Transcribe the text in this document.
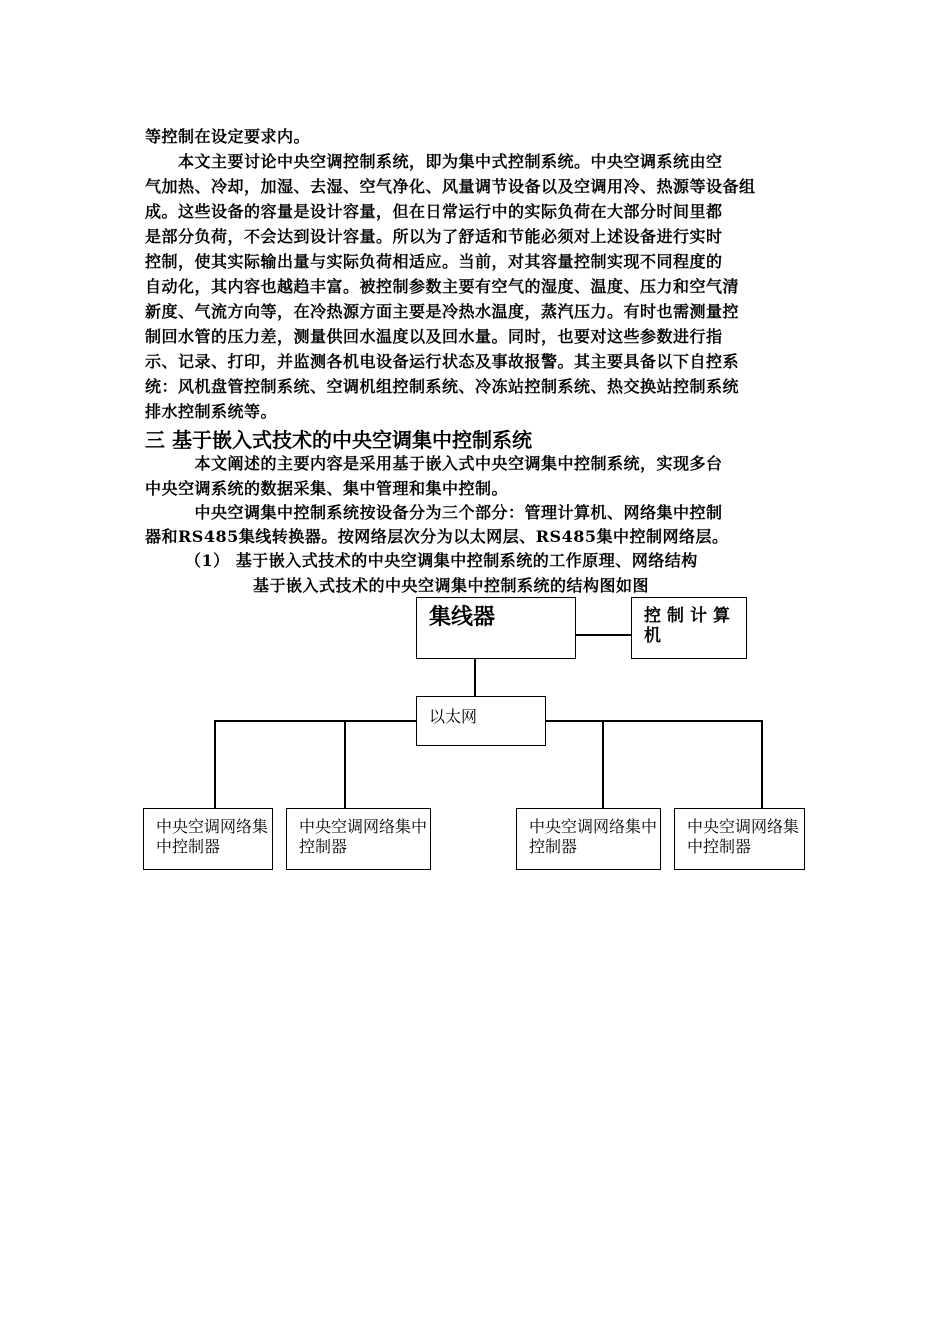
等控制在设定要求内。
　　本文主要讨论中央空调控制系统，即为集中式控制系统。中央空调系统由空
气加热、冷却，加湿、去湿、空气净化、风量调节设备以及空调用冷、热源等设备组
成。这些设备的容量是设计容量，但在日常运行中的实际负荷在大部分时间里都
是部分负荷，不会达到设计容量。所以为了舒适和节能必须对上述设备进行实时
控制，使其实际输出量与实际负荷相适应。当前，对其容量控制实现不同程度的
自动化，其内容也越趋丰富。被控制参数主要有空气的湿度、温度、压力和空气清
新度、气流方向等，在冷热源方面主要是冷热水温度，蒸汽压力。有时也需测量控
制回水管的压力差，测量供回水温度以及回水量。同时，也要对这些参数进行指
示、记录、打印，并监测各机电设备运行状态及事故报警。其主要具备以下自控系
统：风机盘管控制系统、空调机组控制系统、冷冻站控制系统、热交换站控制系统
排水控制系统等。
三 基于嵌入式技术的中央空调集中控制系统
　　　本文阐述的主要内容是采用基于嵌入式中央空调集中控制系统，实现多台
中央空调系统的数据采集、集中管理和集中控制。
　　　中央空调集中控制系统按设备分为三个部分：管理计算机、网络集中控制
器和RS485集线转换器。按网络层次分为以太网层、RS485集中控制网络层。
（1） 基于嵌入式技术的中央空调集中控制系统的工作原理、网络结构
基于嵌入式技术的中央空调集中控制系统的结构图如图
集线器	控制计算机
以太网
中央空调网络集中控制器
中央空调网络集中控制器
中央空调网络集中控制器
中央空调网络集中控制器
